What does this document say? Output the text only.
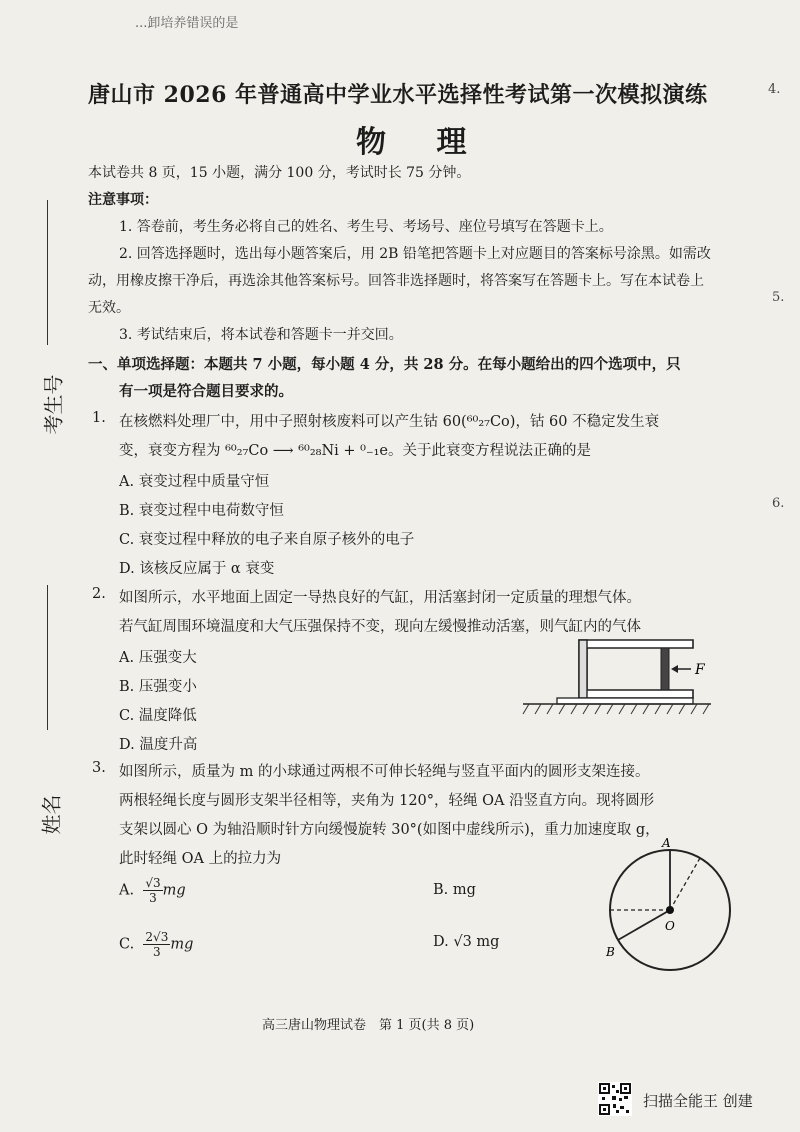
...卸培养错误的是
唐山市 2026 年普通高中学业水平选择性考试第一次模拟演练
物 理
本试卷共 8 页，15 小题，满分 100 分，考试时长 75 分钟。
注意事项：
1. 答卷前，考生务必将自己的姓名、考生号、考场号、座位号填写在答题卡上。
2. 回答选择题时，选出每小题答案后，用 2B 铅笔把答题卡上对应题目的答案标号涂黑。如需改
动，用橡皮擦干净后，再选涂其他答案标号。回答非选择题时，将答案写在答题卡上。写在本试卷上
无效。
3. 考试结束后，将本试卷和答题卡一并交回。
一、单项选择题：本题共 7 小题，每小题 4 分，共 28 分。在每小题给出的四个选项中，只
有一项是符合题目要求的。
1. 在核燃料处理厂中，用中子照射核废料可以产生钴 60(⁶⁰₂₇Co)，钴 60 不稳定发生衰
变，衰变方程为 ⁶⁰₂₇Co ⟶ ⁶⁰₂₈Ni + ⁰₋₁e。关于此衰变方程说法正确的是
A. 衰变过程中质量守恒
B. 衰变过程中电荷数守恒
C. 衰变过程中释放的电子来自原子核外的电子
D. 该核反应属于 α 衰变
2. 如图所示，水平地面上固定一导热良好的气缸，用活塞封闭一定质量的理想气体。
若气缸周围环境温度和大气压强保持不变，现向左缓慢推动活塞，则气缸内的气体
A. 压强变大
B. 压强变小
C. 温度降低
D. 温度升高
F
3. 如图所示，质量为 m 的小球通过两根不可伸长轻绳与竖直平面内的圆形支架连接。
两根轻绳长度与圆形支架半径相等，夹角为 120°，轻绳 OA 沿竖直方向。现将圆形
支架以圆心 O 为轴沿顺时针方向缓慢旋转 30°(如图中虚线所示)，重力加速度取 g，
此时轻绳 OA 上的拉力为
A. $\frac{√3}{3}$ mg	B. mg
C. $\frac{2√3}{3}$ mg	D. √3 mg
A
B
O
考生号
姓名
4.
5.
6.
高三唐山物理试卷　第 1 页(共 8 页)
扫描全能王 创建
